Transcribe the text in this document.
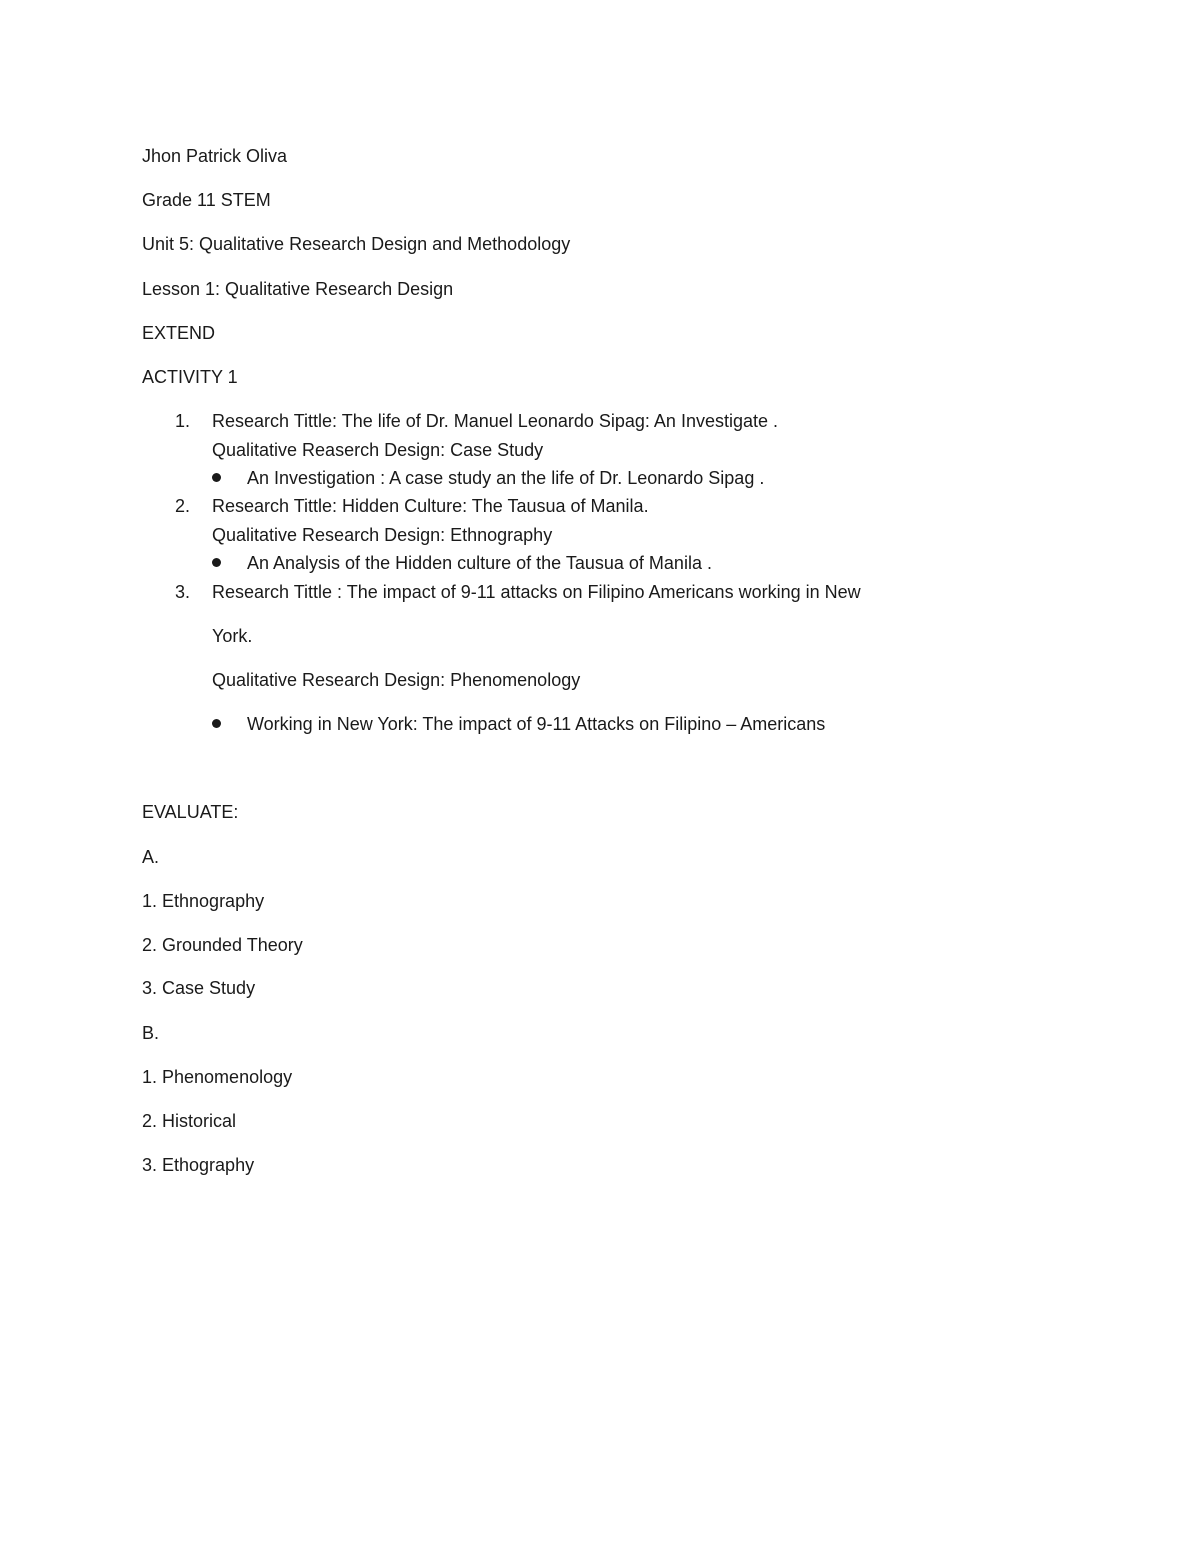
Jhon Patrick Oliva
Grade 11 STEM
Unit 5: Qualitative Research Design and Methodology
Lesson 1: Qualitative Research Design
EXTEND
ACTIVITY 1
1. Research Tittle: The life of Dr. Manuel Leonardo Sipag: An Investigate .
Qualitative Reaserch Design: Case Study
An Investigation : A case study an the life of Dr. Leonardo Sipag .
2. Research Tittle: Hidden Culture: The Tausua of Manila.
Qualitative Research Design: Ethnography
An Analysis of the Hidden culture of the Tausua of Manila .
3. Research Tittle : The impact of 9-11 attacks on Filipino Americans working in New
York.
Qualitative Research Design: Phenomenology
Working in New York: The impact of 9-11 Attacks on Filipino – Americans
EVALUATE:
A.
1. Ethnography
2. Grounded Theory
3. Case Study
B.
1. Phenomenology
2. Historical
3. Ethography
